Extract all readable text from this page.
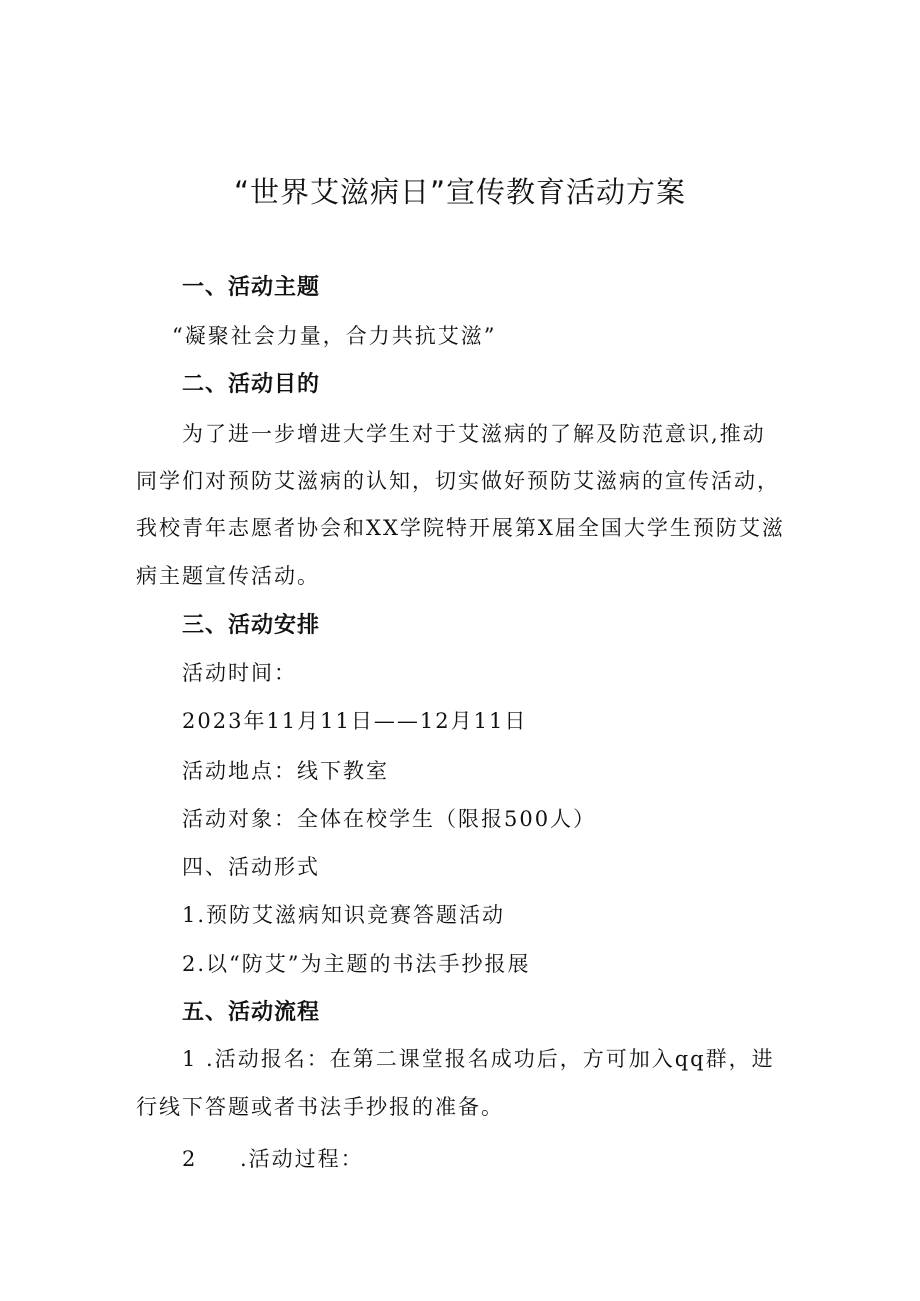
“世界艾滋病日”宣传教育活动方案
一、活动主题
“凝聚社会力量，合力共抗艾滋”
二、活动目的
为了进一步增进大学生对于艾滋病的了解及防范意识,推动
同学们对预防艾滋病的认知，切实做好预防艾滋病的宣传活动，
我校青年志愿者协会和XX学院特开展第X届全国大学生预防艾滋
病主题宣传活动。
三、活动安排
活动时间：
2023年11月11日——12月11日
活动地点：线下教室
活动对象：全体在校学生（限报500人）
四、活动形式
1.预防艾滋病知识竞赛答题活动
2.以“防艾”为主题的书法手抄报展
五、活动流程
1 .活动报名：在第二课堂报名成功后，方可加入qq群，进
行线下答题或者书法手抄报的准备。
2 .活动过程：
